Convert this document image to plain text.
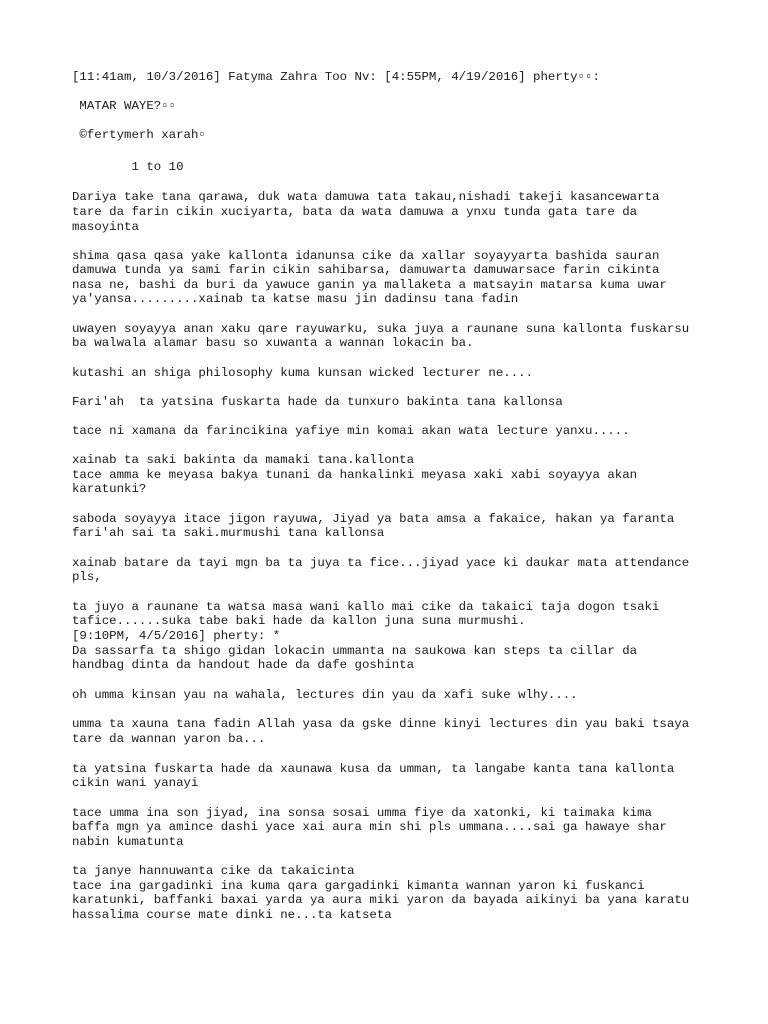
[11:41am, 10/3/2016] Fatyma Zahra Too Nv: [4:55PM, 4/19/2016] pherty▫▫:
MATAR WAYE?▫▫
©fertymerh xarah▫
1 to 10
Dariya take tana qarawa, duk wata damuwa tata takau,nishadi takeji kasancewarta
tare da farin cikin xuciyarta, bata da wata damuwa a ynxu tunda gata tare da
masoyinta
shima qasa qasa yake kallonta idanunsa cike da xallar soyayyarta bashida sauran
damuwa tunda ya sami farin cikin sahibarsa, damuwarta damuwarsace farin cikinta
nasa ne, bashi da buri da yawuce ganin ya mallaketa a matsayin matarsa kuma uwar
ya'yansa.........xainab ta katse masu jin dadinsu tana fadin
uwayen soyayya anan xaku qare rayuwarku, suka juya a raunane suna kallonta fuskarsu
ba walwala alamar basu so xuwanta a wannan lokacin ba.
kutashi an shiga philosophy kuma kunsan wicked lecturer ne....
Fari'ah  ta yatsina fuskarta hade da tunxuro bakinta tana kallonsa
tace ni xamana da farincikina yafiye min komai akan wata lecture yanxu.....
xainab ta saki bakinta da mamaki tana.kallonta
tace amma ke meyasa bakya tunani da hankalinki meyasa xaki xabi soyayya akan
karatunki?
saboda soyayya itace jigon rayuwa, Jiyad ya bata amsa a fakaice, hakan ya faranta
fari'ah sai ta saki.murmushi tana kallonsa
xainab batare da tayi mgn ba ta juya ta fice...jiyad yace ki daukar mata attendance
pls,
ta juyo a raunane ta watsa masa wani kallo mai cike da takaici taja dogon tsaki
tafice......suka tabe baki hade da kallon juna suna murmushi.
[9:10PM, 4/5/2016] pherty: *
Da sassarfa ta shigo gidan lokacin ummanta na saukowa kan steps ta cillar da
handbag dinta da handout hade da dafe goshinta
oh umma kinsan yau na wahala, lectures din yau da xafi suke wlhy....
umma ta xauna tana fadin Allah yasa da gske dinne kinyi lectures din yau baki tsaya
tare da wannan yaron ba...
ta yatsina fuskarta hade da xaunawa kusa da umman, ta langabe kanta tana kallonta
cikin wani yanayi
tace umma ina son jiyad, ina sonsa sosai umma fiye da xatonki, ki taimaka kima
baffa mgn ya amince dashi yace xai aura min shi pls ummana....sai ga hawaye shar
nabin kumatunta
ta janye hannuwanta cike da takaicinta
tace ina gargadinki ina kuma qara gargadinki kimanta wannan yaron ki fuskanci
karatunki, baffanki baxai yarda ya aura miki yaron da bayada aikinyi ba yana karatu
hassalima course mate dinki ne...ta katseta
